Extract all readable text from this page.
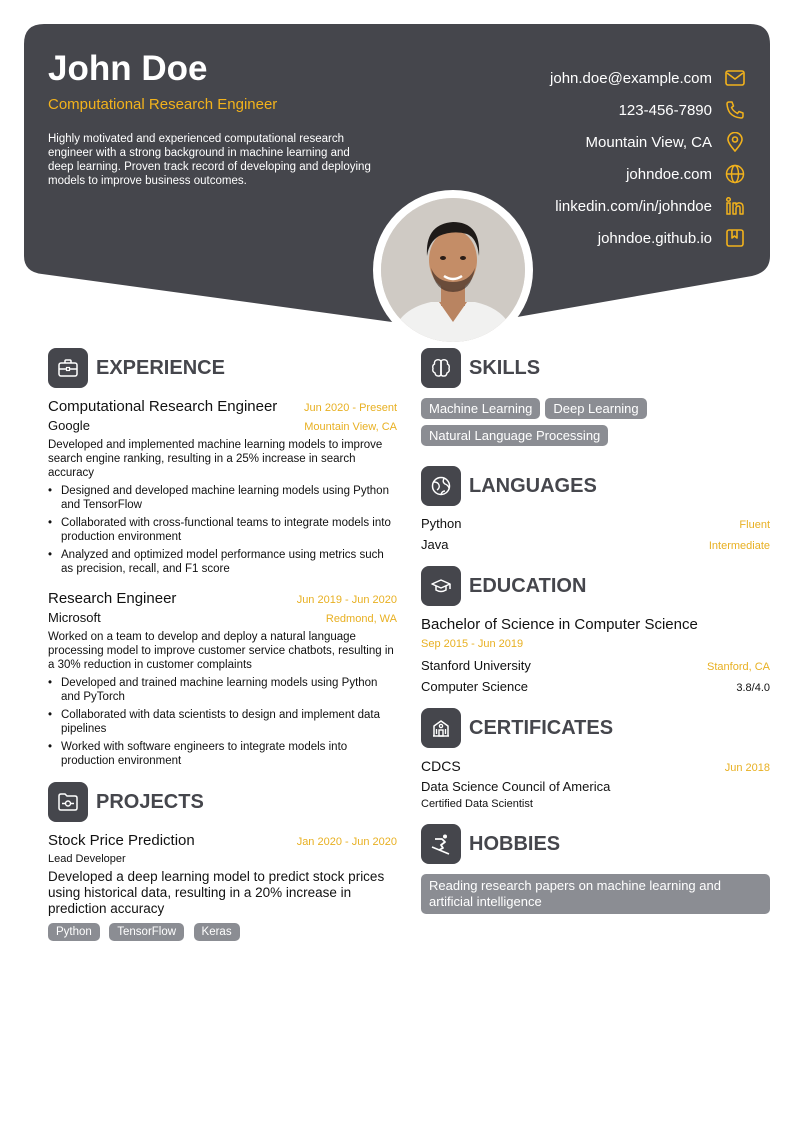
John Doe
Computational Research Engineer
Highly motivated and experienced computational research engineer with a strong background in machine learning and deep learning. Proven track record of developing and deploying models to improve business outcomes.
john.doe@example.com
123-456-7890
Mountain View, CA
johndoe.com
linkedin.com/in/johndoe
johndoe.github.io
EXPERIENCE
Computational Research Engineer Jun 2020 - Present
Google	Mountain View, CA
Developed and implemented machine learning models to improve search engine ranking, resulting in a 25% increase in search accuracy
• Designed and developed machine learning models using Python and TensorFlow
• Collaborated with cross-functional teams to integrate models into production environment
• Analyzed and optimized model performance using metrics such as precision, recall, and F1 score
Research Engineer	Jun 2019 - Jun 2020
Microsoft	Redmond, WA
Worked on a team to develop and deploy a natural language processing model to improve customer service chatbots, resulting in a 30% reduction in customer complaints
• Developed and trained machine learning models using Python and PyTorch
• Collaborated with data scientists to design and implement data pipelines
• Worked with software engineers to integrate models into production environment
PROJECTS
Stock Price Prediction	Jan 2020 - Jun 2020
Lead Developer
Developed a deep learning model to predict stock prices using historical data, resulting in a 20% increase in prediction accuracy
Python TensorFlow Keras
SKILLS
Machine Learning Deep Learning
Natural Language Processing
LANGUAGES
Python	Fluent
Java	Intermediate
EDUCATION
Bachelor of Science in Computer Science
Sep 2015 - Jun 2019
Stanford University	Stanford, CA
Computer Science	3.8/4.0
CERTIFICATES
CDCS	Jun 2018
Data Science Council of America
Certified Data Scientist
HOBBIES
Reading research papers on machine learning and artificial intelligence
